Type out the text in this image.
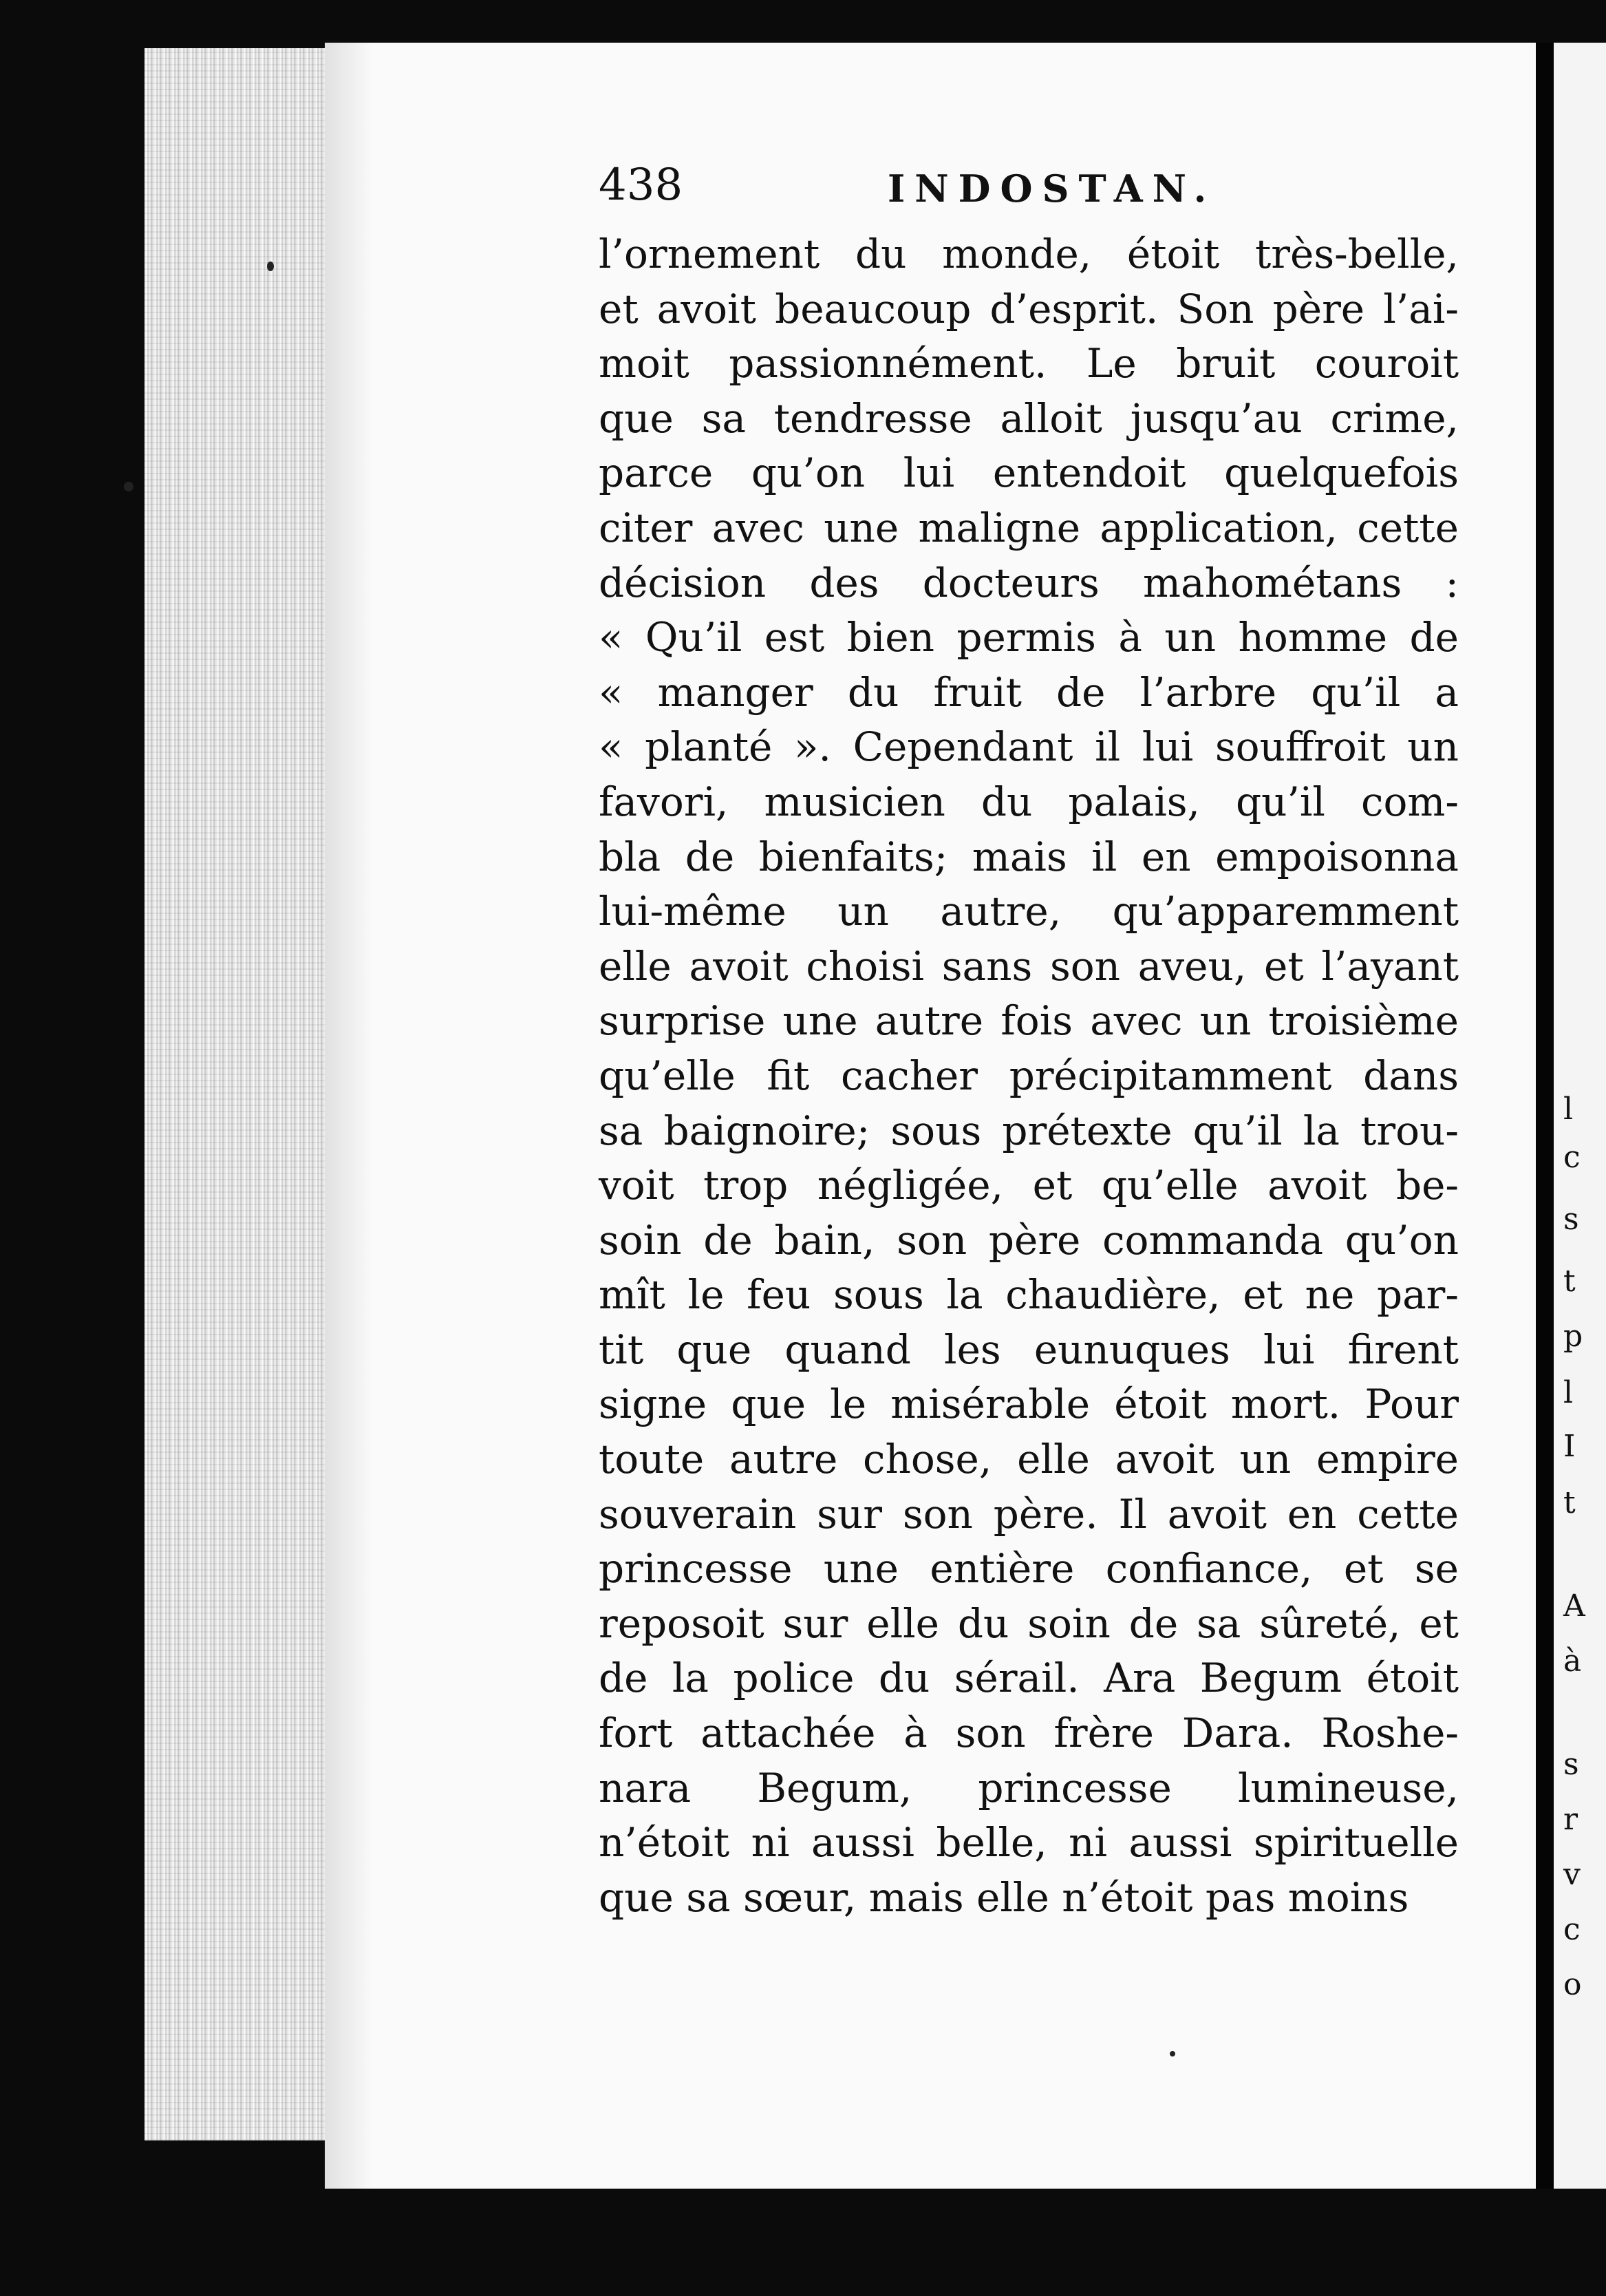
l
c
s
t
p
l
I
t
A
à
s
r
v
c
o
438	INDOSTAN.
l’ornement du monde, étoit très-belle,
et avoit beaucoup d’esprit. Son père l’ai-
moit passionnément. Le bruit couroit
que sa tendresse alloit jusqu’au crime,
parce qu’on lui entendoit quelquefois
citer avec une maligne application, cette
décision des docteurs mahométans :
« Qu’il est bien permis à un homme de
« manger du fruit de l’arbre qu’il a
« planté ». Cependant il lui souffroit un
favori, musicien du palais, qu’il com-
bla de bienfaits; mais il en empoisonna
lui-même un autre, qu’apparemment
elle avoit choisi sans son aveu, et l’ayant
surprise une autre fois avec un troisième
qu’elle fit cacher précipitamment dans
sa baignoire; sous prétexte qu’il la trou-
voit trop négligée, et qu’elle avoit be-
soin de bain, son père commanda qu’on
mît le feu sous la chaudière, et ne par-
tit que quand les eunuques lui firent
signe que le misérable étoit mort. Pour
toute autre chose, elle avoit un empire
souverain sur son père. Il avoit en cette
princesse une entière confiance, et se
reposoit sur elle du soin de sa sûreté, et
de la police du sérail. Ara Begum étoit
fort attachée à son frère Dara. Roshe-
nara Begum, princesse lumineuse,
n’étoit ni aussi belle, ni aussi spirituelle
que sa sœur, mais elle n’étoit pas moins
